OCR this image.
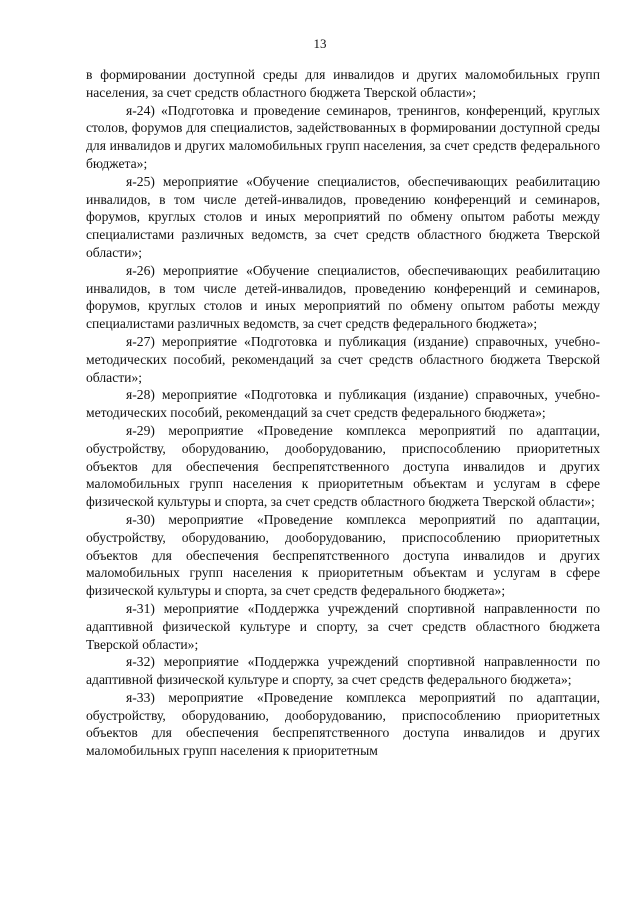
13

в формировании доступной среды для инвалидов и других маломобильных групп населения, за счет средств областного бюджета Тверской области»;

я-24) «Подготовка и проведение семинаров, тренингов, конференций, круглых столов, форумов для специалистов, задействованных в формировании доступной среды для инвалидов и других маломобильных групп населения, за счет средств федерального бюджета»;

я-25) мероприятие «Обучение специалистов, обеспечивающих реабилитацию инвалидов, в том числе детей-инвалидов, проведению конференций и семинаров, форумов, круглых столов и иных мероприятий по обмену опытом работы между специалистами различных ведомств, за счет средств областного бюджета Тверской области»;

я-26) мероприятие «Обучение специалистов, обеспечивающих реабилитацию инвалидов, в том числе детей-инвалидов, проведению конференций и семинаров, форумов, круглых столов и иных мероприятий по обмену опытом работы между специалистами различных ведомств, за счет средств федерального бюджета»;

я-27) мероприятие «Подготовка и публикация (издание) справочных, учебно-методических пособий, рекомендаций за счет средств областного бюджета Тверской области»;

я-28) мероприятие «Подготовка и публикация (издание) справочных, учебно-методических пособий, рекомендаций за счет средств федерального бюджета»;

я-29) мероприятие «Проведение комплекса мероприятий по адаптации, обустройству, оборудованию, дооборудованию, приспособлению приоритетных объектов для обеспечения беспрепятственного доступа инвалидов и других маломобильных групп населения к приоритетным объектам и услугам в сфере физической культуры и спорта, за счет средств областного бюджета Тверской области»;

я-30) мероприятие «Проведение комплекса мероприятий по адаптации, обустройству, оборудованию, дооборудованию, приспособлению приоритетных объектов для обеспечения беспрепятственного доступа инвалидов и других маломобильных групп населения к приоритетным объектам и услугам в сфере физической культуры и спорта, за счет средств федерального бюджета»;

я-31) мероприятие «Поддержка учреждений спортивной направленности по адаптивной физической культуре и спорту, за счет средств областного бюджета Тверской области»;

я-32) мероприятие «Поддержка учреждений спортивной направленности по адаптивной физической культуре и спорту, за счет средств федерального бюджета»;

я-33) мероприятие «Проведение комплекса мероприятий по адаптации, обустройству, оборудованию, дооборудованию, приспособлению приоритетных объектов для обеспечения беспрепятственного доступа инвалидов и других маломобильных групп населения к приоритетным
